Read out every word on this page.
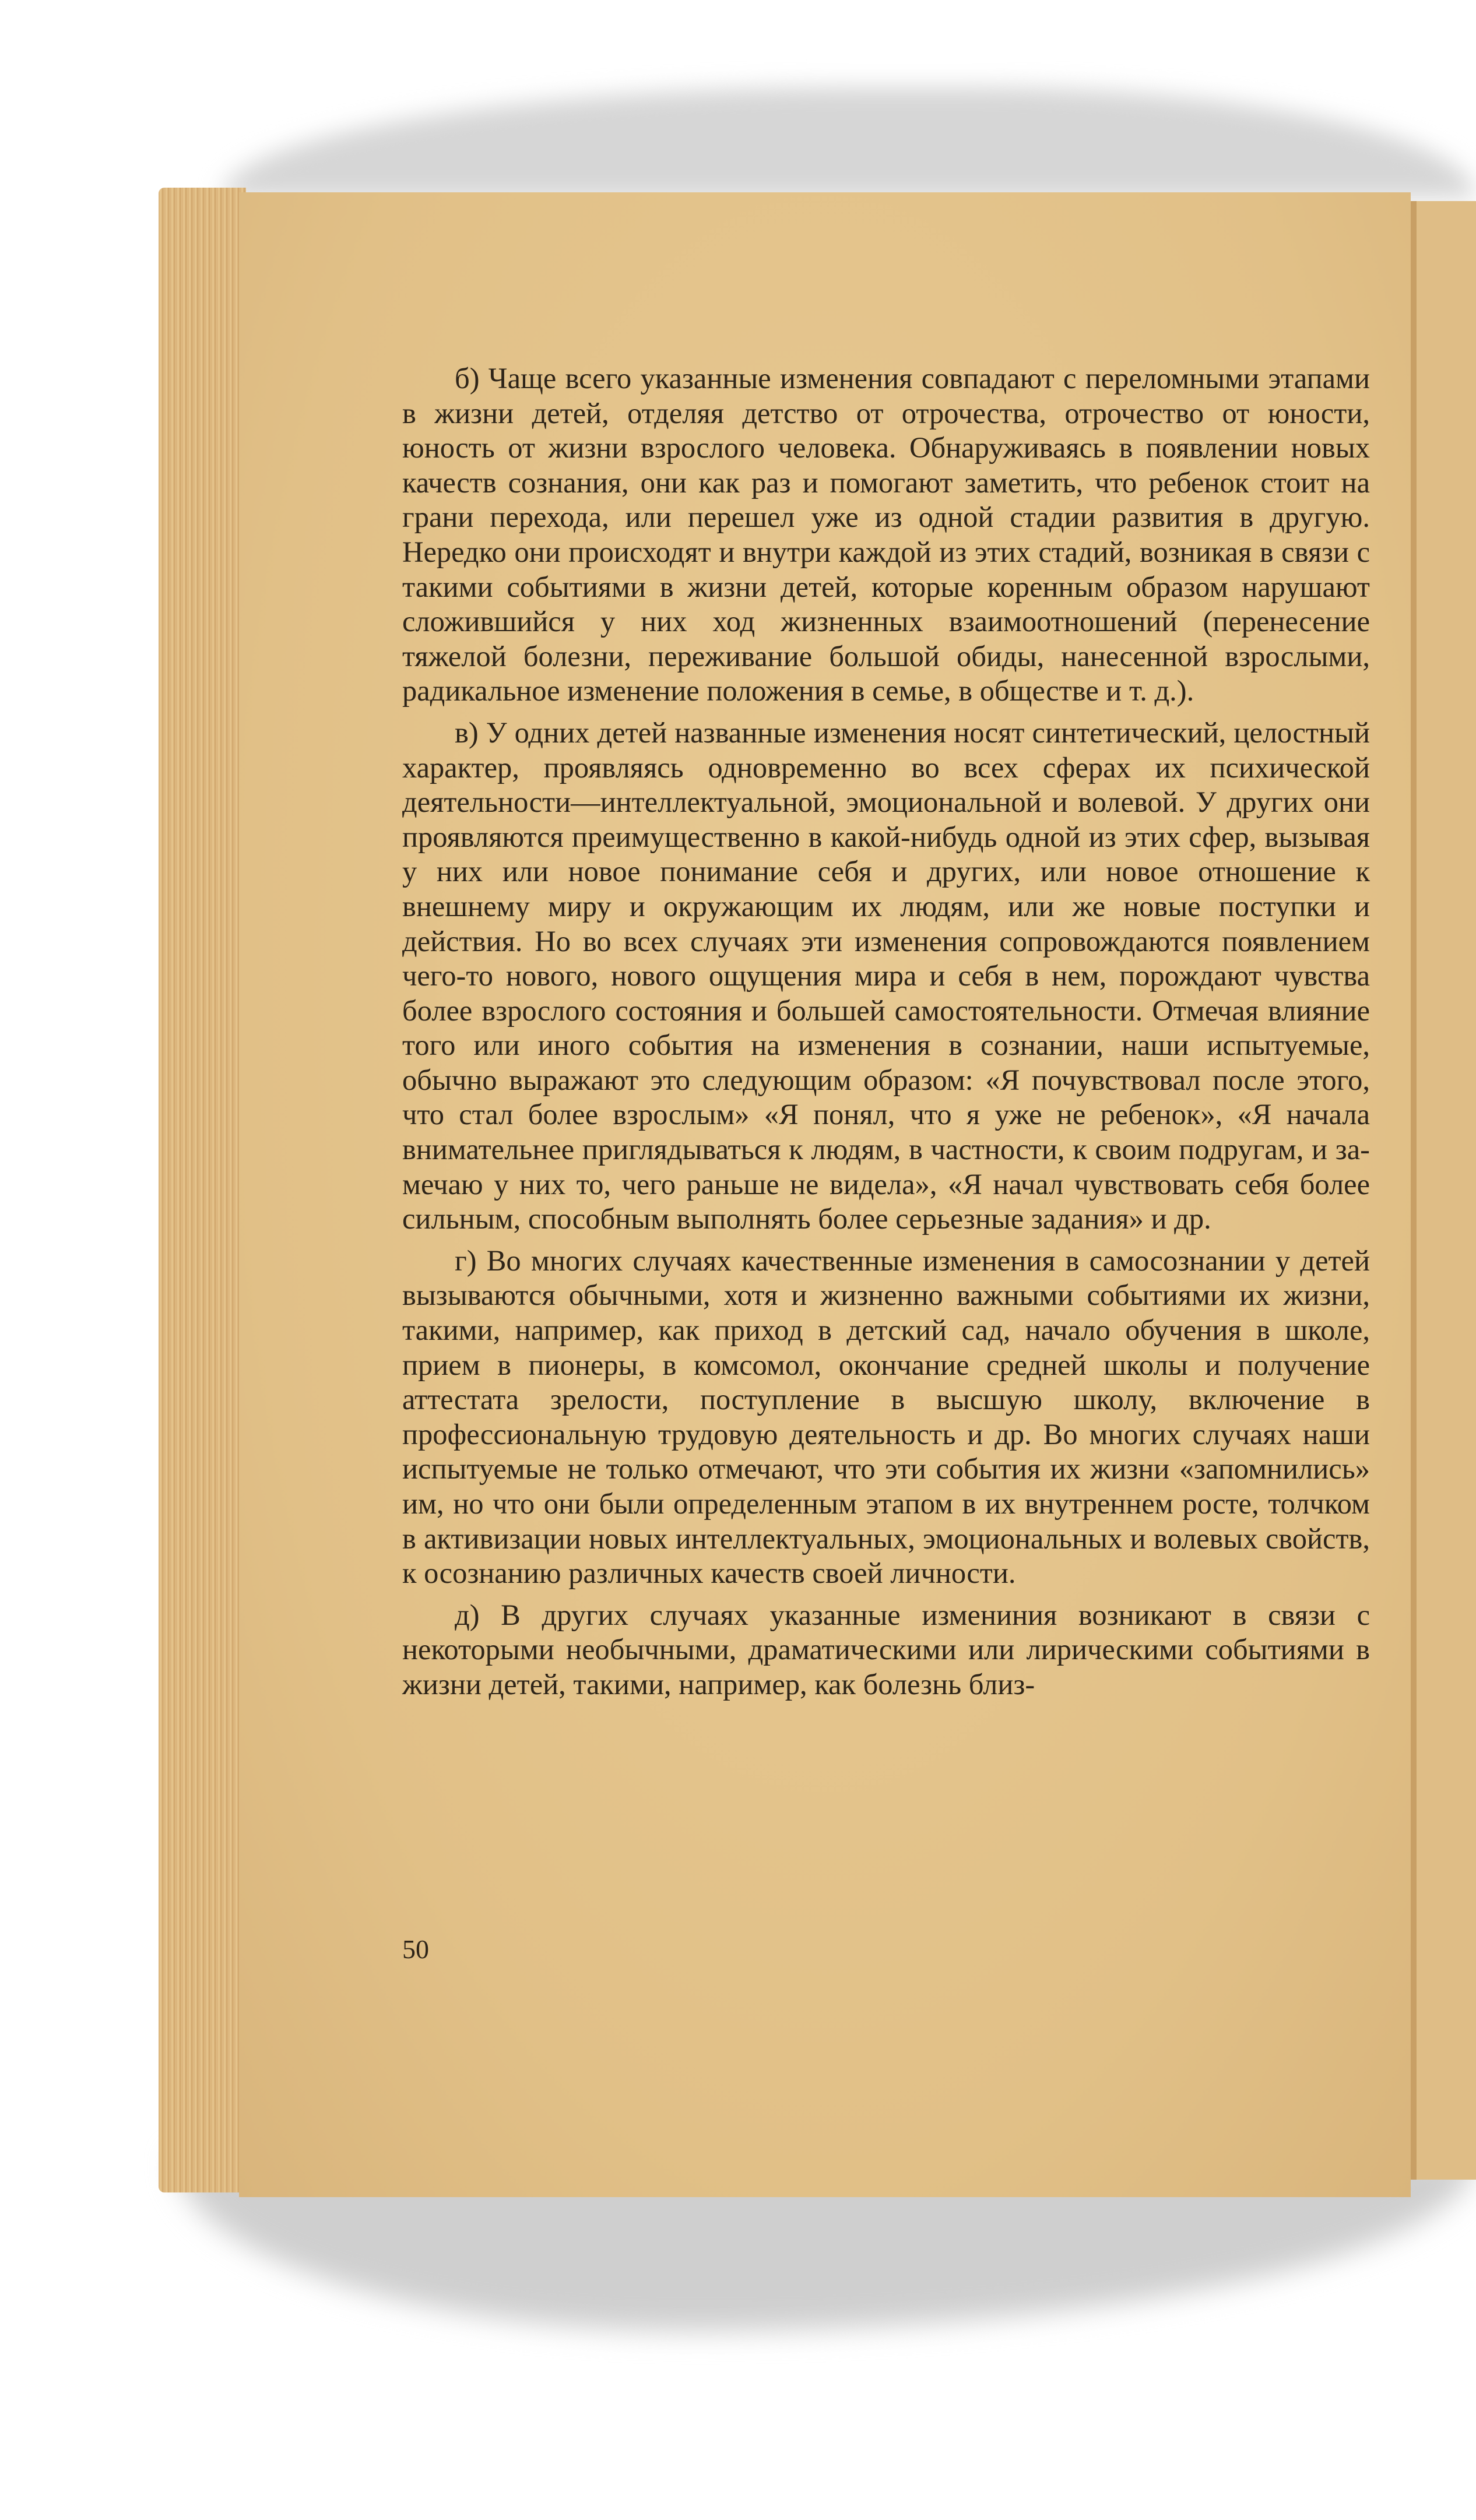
б) Чаще всего указанные изменения совпадают с переломными этапами в жизни детей, отделяя детство от отрочества, отрочество от юности, юность от жизни взрослого человека. Обнаруживаясь в появлении новых качеств сознания, они как раз и помогают заметить, что ребенок стоит на грани перехода, или перешел уже из одной стадии развития в другую. Нередко они происходят и внутри каждой из этих стадий, возникая в связи с такими событиями в жизни детей, которые коренным образом нарушают сложившийся у них ход жизненных взаимоотношений (перенесение тяжелой болезни, переживание большой обиды, нанесенной взрослыми, радикальное изменение положения в семье, в обществе и т. д.).

в) У одних детей названные изменения носят синтетический, целостный характер, проявляясь одновременно во всех сферах их психической деятельности—интеллектуальной, эмоциональной и волевой. У других они проявляются преимущественно в какой-нибудь одной из этих сфер, вызывая у них или новое понимание себя и других, или новое отношение к внешнему миру и окружающим их людям, или же новые поступки и действия. Но во всех случаях эти изменения сопровождаются появлением чего-то нового, нового ощущения мира и себя в нем, порождают чувства более взрослого состояния и большей самостоятельности. Отмечая влияние того или иного события на изменения в сознании, наши испытуемые, обычно выражают это следующим образом: «Я почувствовал после этого, что стал более взрослым» «Я понял, что я уже не ребенок», «Я начала внимательнее приглядываться к людям, в частности, к своим подругам, и замечаю у них то, чего раньше не видела», «Я начал чувствовать себя более сильным, способным выполнять более серьезные задания» и др.

г) Во многих случаях качественные изменения в самосознании у детей вызываются обычными, хотя и жизненно важными событиями их жизни, такими, например, как приход в детский сад, начало обучения в школе, прием в пионеры, в комсомол, окончание средней школы и получение аттестата зрелости, поступление в высшую школу, включение в профессиональную трудовую деятельность и др. Во многих случаях наши испытуемые не только отмечают, что эти события их жизни «запомнились» им, но что они были определенным этапом в их внутреннем росте, толчком в активизации новых интеллектуальных, эмоциональных и волевых свойств, к осознанию различных качеств своей личности.

д) В других случаях указанные измениния возникают в связи с некоторыми необычными, драматическими или лирическими событиями в жизни детей, такими, например, как болезнь близ-

50
